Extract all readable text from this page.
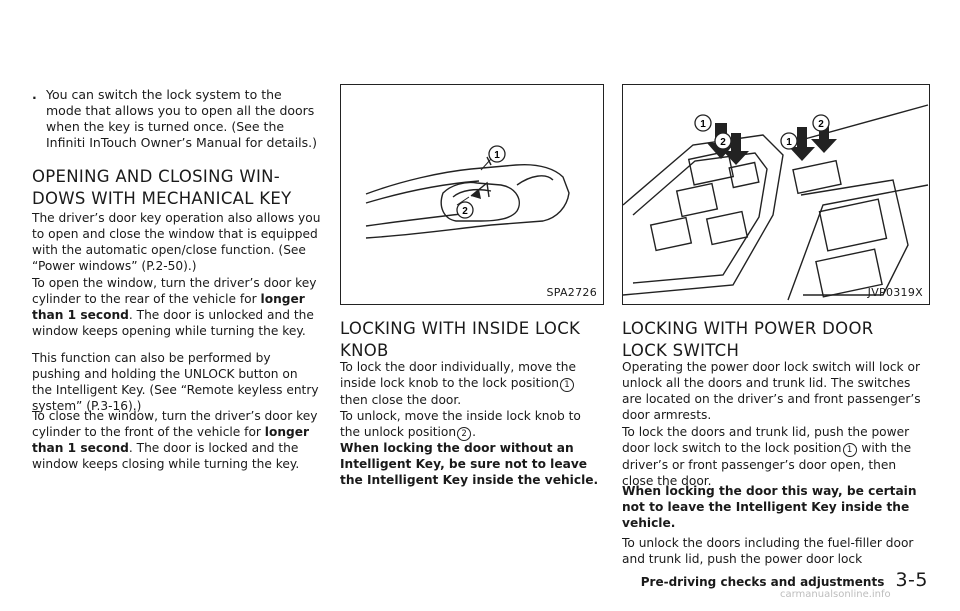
. You can switch the lock system to the
mode that allows you to open all the doors when the key is turned once. (See the Infiniti InTouch Owner’s Manual for details.)
OPENING AND CLOSING WIN-
DOWS WITH MECHANICAL KEY

The driver’s door key operation also allows you to open and close the window that is equipped with the automatic open/close function. (See “Power windows” (P.2-50).)

To open the window, turn the driver’s door key cylinder to the rear of the vehicle for longer than 1 second. The door is unlocked and the window keeps opening while turning the key.

This function can also be performed by pushing and holding the UNLOCK button on the Intelligent Key. (See “Remote keyless entry system” (P.3-16).)

To close the window, turn the driver’s door key cylinder to the front of the vehicle for longer than 1 second. The door is locked and the window keeps closing while turning the key.

1
2
SPA2726
LOCKING WITH INSIDE LOCK
KNOB

To lock the door individually, move the inside lock knob to the lock position 1 then close the door.

To unlock, move the inside lock knob to the unlock position 2 .

When locking the door without an Intelligent Key, be sure not to leave the Intelligent Key inside the vehicle.

1
2	1
2
JVP0319X
LOCKING WITH POWER DOOR
LOCK SWITCH

Operating the power door lock switch will lock or unlock all the doors and trunk lid. The switches are located on the driver’s and front passenger’s door armrests.

To lock the doors and trunk lid, push the power door lock switch to the lock position 1 with the driver’s or front passenger’s door open, then close the door.

When locking the door this way, be certain not to leave the Intelligent Key inside the vehicle.

To unlock the doors including the fuel-filler door and trunk lid, push the power door lock

Pre-driving checks and adjustments 3-5
carmanualsonline.info
